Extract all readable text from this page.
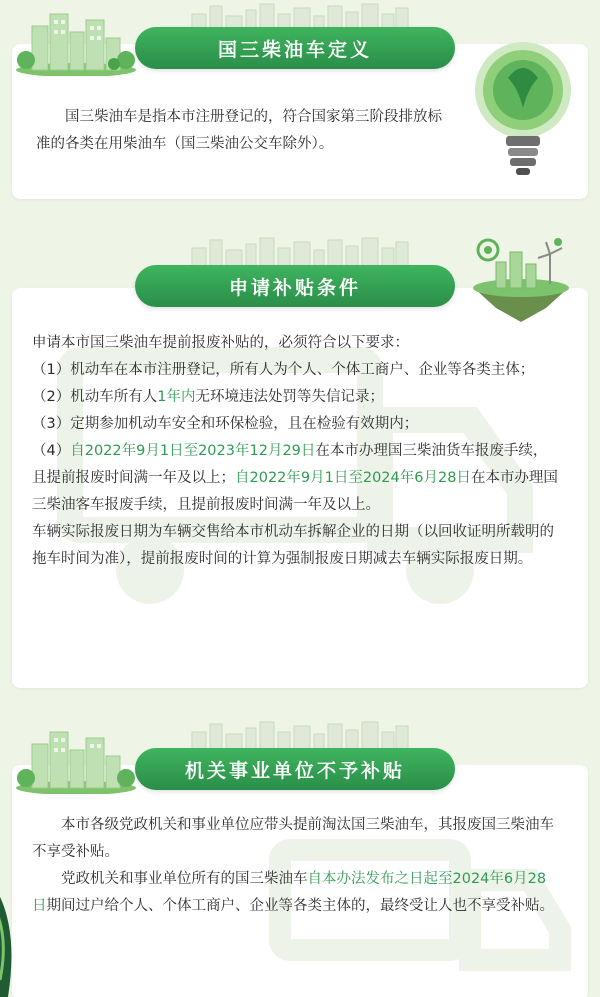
国三柴油车定义
国三柴油车是指本市注册登记的，符合国家第三阶段排放标准的各类在用柴油车（国三柴油公交车除外）。
申请补贴条件
申请本市国三柴油车提前报废补贴的，必须符合以下要求：
（1）机动车在本市注册登记，所有人为个人、个体工商户、企业等各类主体；
（2）机动车所有人1年内无环境违法处罚等失信记录；
（3）定期参加机动车安全和环保检验，且在检验有效期内；
（4）自2022年9月1日至2023年12月29日在本市办理国三柴油货车报废手续，且提前报废时间满一年及以上；自2022年9月1日至2024年6月28日在本市办理国三柴油客车报废手续，且提前报废时间满一年及以上。
车辆实际报废日期为车辆交售给本市机动车拆解企业的日期（以回收证明所载明的拖车时间为准），提前报废时间的计算为强制报废日期减去车辆实际报废日期。
机关事业单位不予补贴
本市各级党政机关和事业单位应带头提前淘汰国三柴油车，其报废国三柴油车不享受补贴。
党政机关和事业单位所有的国三柴油车自本办法发布之日起至2024年6月28日期间过户给个人、个体工商户、企业等各类主体的，最终受让人也不享受补贴。
